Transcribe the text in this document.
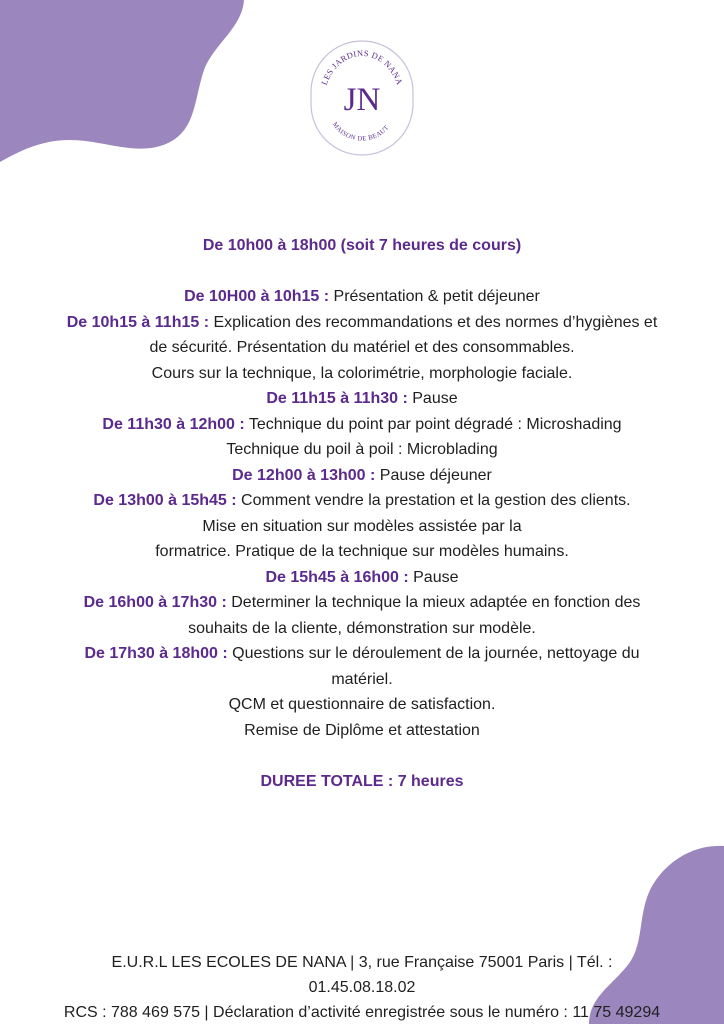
LES JARDINS DE NANA
JN
MAISON DE BEAUT

De 10h00 à 18h00 (soit 7 heures de cours)

De 10H00 à 10h15 : Présentation & petit déjeuner

De 10h15 à 11h15 : Explication des recommandations et des normes d’hygiènes et

de sécurité. Présentation du matériel et des consommables.

Cours sur la technique, la colorimétrie, morphologie faciale.

De 11h15 à 11h30 : Pause

De 11h30 à 12h00 : Technique du point par point dégradé : Microshading

Technique du poil à poil : Microblading

De 12h00 à 13h00 : Pause déjeuner

De 13h00 à 15h45 : Comment vendre la prestation et la gestion des clients.

Mise en situation sur modèles assistée par la

formatrice. Pratique de la technique sur modèles humains.

De 15h45 à 16h00 : Pause

De 16h00 à 17h30 : Determiner la technique la mieux adaptée en fonction des

souhaits de la cliente, démonstration sur modèle.

De 17h30 à 18h00 : Questions sur le déroulement de la journée, nettoyage du

matériel.

QCM et questionnaire de satisfaction.

Remise de Diplôme et attestation

DUREE TOTALE : 7 heures

E.U.R.L LES ECOLES DE NANA | 3, rue Française 75001 Paris | Tél. :

01.45.08.18.02

RCS : 788 469 575 | Déclaration d’activité enregistrée sous le numéro : 11 75 49294
